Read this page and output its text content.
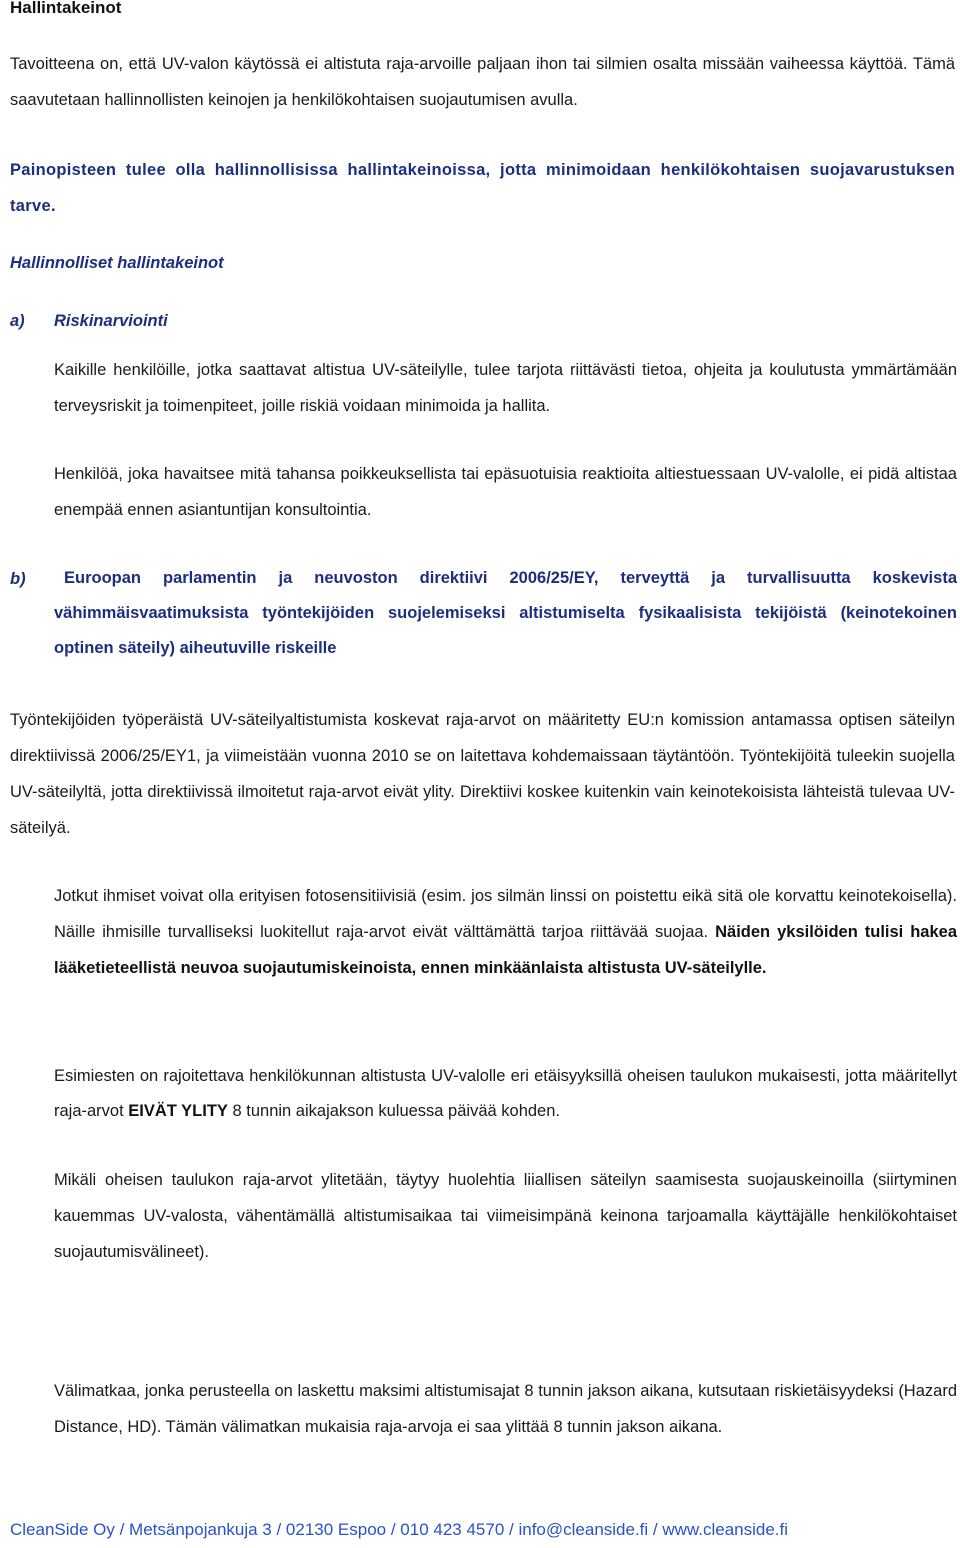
Hallintakeinot

Tavoitteena on, että UV-valon käytössä ei altistuta raja-arvoille paljaan ihon tai silmien osalta missään vaiheessa käyttöä. Tämä saavutetaan hallinnollisten keinojen ja henkilökohtaisen suojautumisen avulla.

Painopisteen tulee olla hallinnollisissa hallintakeinoissa, jotta minimoidaan henkilökohtaisen suojavarustuksen tarve.

Hallinnolliset hallintakeinot

a) Riskinarviointi

Kaikille henkilöille, jotka saattavat altistua UV-säteilylle, tulee tarjota riittävästi tietoa, ohjeita ja koulutusta ymmärtämään terveysriskit ja toimenpiteet, joille riskiä voidaan minimoida ja hallita.

Henkilöä, joka havaitsee mitä tahansa poikkeuksellista tai epäsuotuisia reaktioita altiestuessaan UV-valolle, ei pidä altistaa enempää ennen asiantuntijan konsultointia.

b)	Euroopan parlamentin ja neuvoston direktiivi 2006/25/EY, terveyttä ja turvallisuutta koskevista vähimmäisvaatimuksista työntekijöiden suojelemiseksi altistumiselta fysikaalisista tekijöistä (keinotekoinen optinen säteily) aiheutuville riskeille

Työntekijöiden työperäistä UV-säteilyaltistumista koskevat raja-arvot on määritetty EU:n komission antamassa optisen säteilyn direktiivissä 2006/25/EY1, ja viimeistään vuonna 2010 se on laitettava kohdemaissaan täytäntöön. Työntekijöitä tuleekin suojella UV-säteilyltä, jotta direktiivissä ilmoitetut raja-arvot eivät ylity. Direktiivi koskee kuitenkin vain keinotekoisista lähteistä tulevaa UV-säteilyä.

Jotkut ihmiset voivat olla erityisen fotosensitiivisiä (esim. jos silmän linssi on poistettu eikä sitä ole korvattu keinotekoisella). Näille ihmisille turvalliseksi luokitellut raja-arvot eivät välttämättä tarjoa riittävää suojaa. Näiden yksilöiden tulisi hakea lääketieteellistä neuvoa suojautumiskeinoista, ennen minkäänlaista altistusta UV-säteilylle.

Esimiesten on rajoitettava henkilökunnan altistusta UV-valolle eri etäisyyksillä oheisen taulukon mukaisesti, jotta määritellyt raja-arvot EIVÄT YLITY 8 tunnin aikajakson kuluessa päivää kohden.

Mikäli oheisen taulukon raja-arvot ylitetään, täytyy huolehtia liiallisen säteilyn saamisesta suojauskeinoilla (siirtyminen kauemmas UV-valosta, vähentämällä altistumisaikaa tai viimeisimpänä keinona tarjoamalla käyttäjälle henkilökohtaiset suojautumisvälineet).

Välimatkaa, jonka perusteella on laskettu maksimi altistumisajat 8 tunnin jakson aikana, kutsutaan riskietäisyydeksi (Hazard Distance, HD). Tämän välimatkan mukaisia raja-arvoja ei saa ylittää 8 tunnin jakson aikana.

CleanSide Oy / Metsänpojankuja 3 / 02130 Espoo / 010 423 4570 / info@cleanside.fi / www.cleanside.fi
